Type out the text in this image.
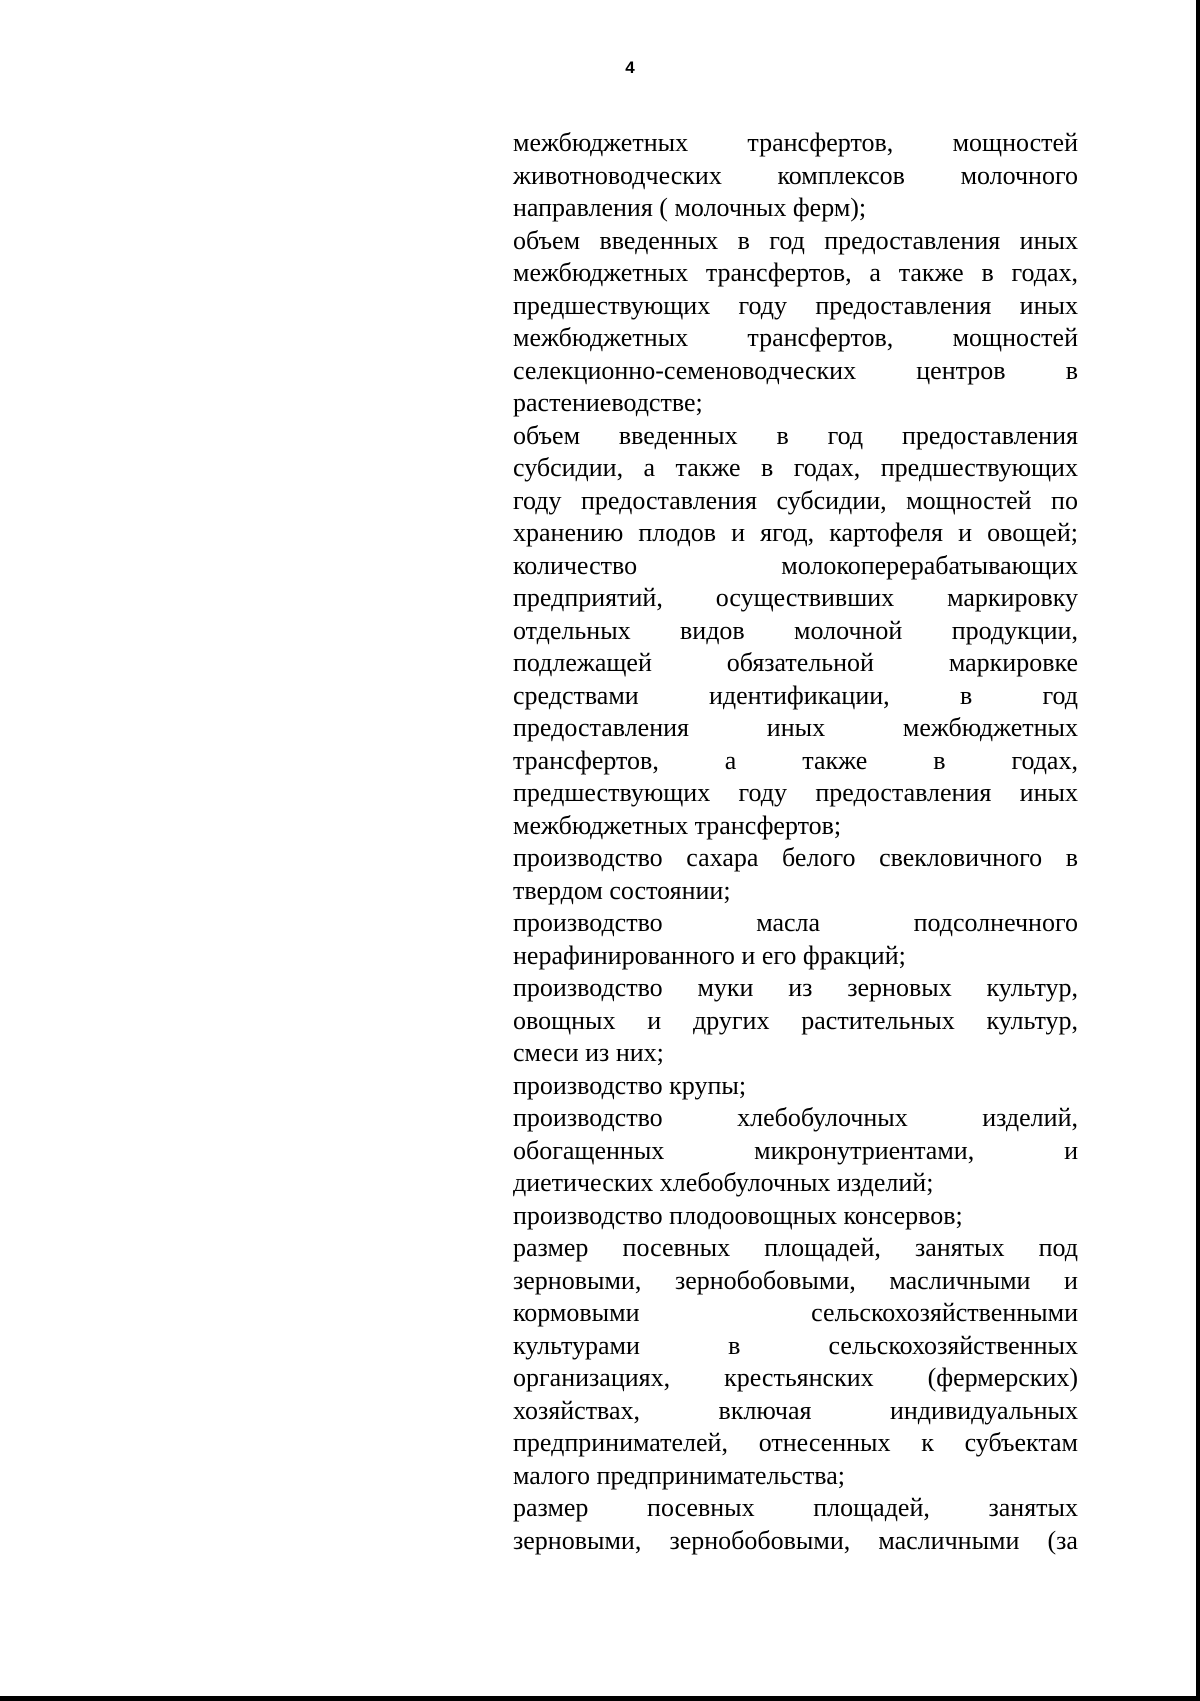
4
межбюджетных трансфертов, мощностей
животноводческих комплексов молочного
направления ( молочных ферм);
объем введенных в год предоставления иных
межбюджетных трансфертов, а также в годах,
предшествующих году предоставления иных
межбюджетных трансфертов, мощностей
селекционно-семеноводческих центров в
растениеводстве;
объем введенных в год предоставления
субсидии, а также в годах, предшествующих
году предоставления субсидии, мощностей по
хранению плодов и ягод, картофеля и овощей;
количество	молокоперерабатывающих
предприятий, осуществивших маркировку
отдельных видов молочной продукции,
подлежащей	обязательной	маркировке
средствами	идентификации,	в	год
предоставления	иных	межбюджетных
трансфертов,	а	также	в	годах,
предшествующих году предоставления иных
межбюджетных трансфертов;
производство сахара белого свекловичного в
твердом состоянии;
производство	масла	подсолнечного
нерафинированного и его фракций;
производство муки из зерновых культур,
овощных и других растительных культур,
смеси из них;
производство крупы;
производство	хлебобулочных	изделий,
обогащенных	микронутриентами,	и
диетических хлебобулочных изделий;
производство плодоовощных консервов;
размер посевных площадей, занятых под
зерновыми, зернобобовыми, масличными и
кормовыми	сельскохозяйственными
культурами	в	сельскохозяйственных
организациях, крестьянских (фермерских)
хозяйствах,	включая	индивидуальных
предпринимателей, отнесенных к субъектам
малого предпринимательства;
размер посевных площадей, занятых
зерновыми, зернобобовыми, масличными (за
